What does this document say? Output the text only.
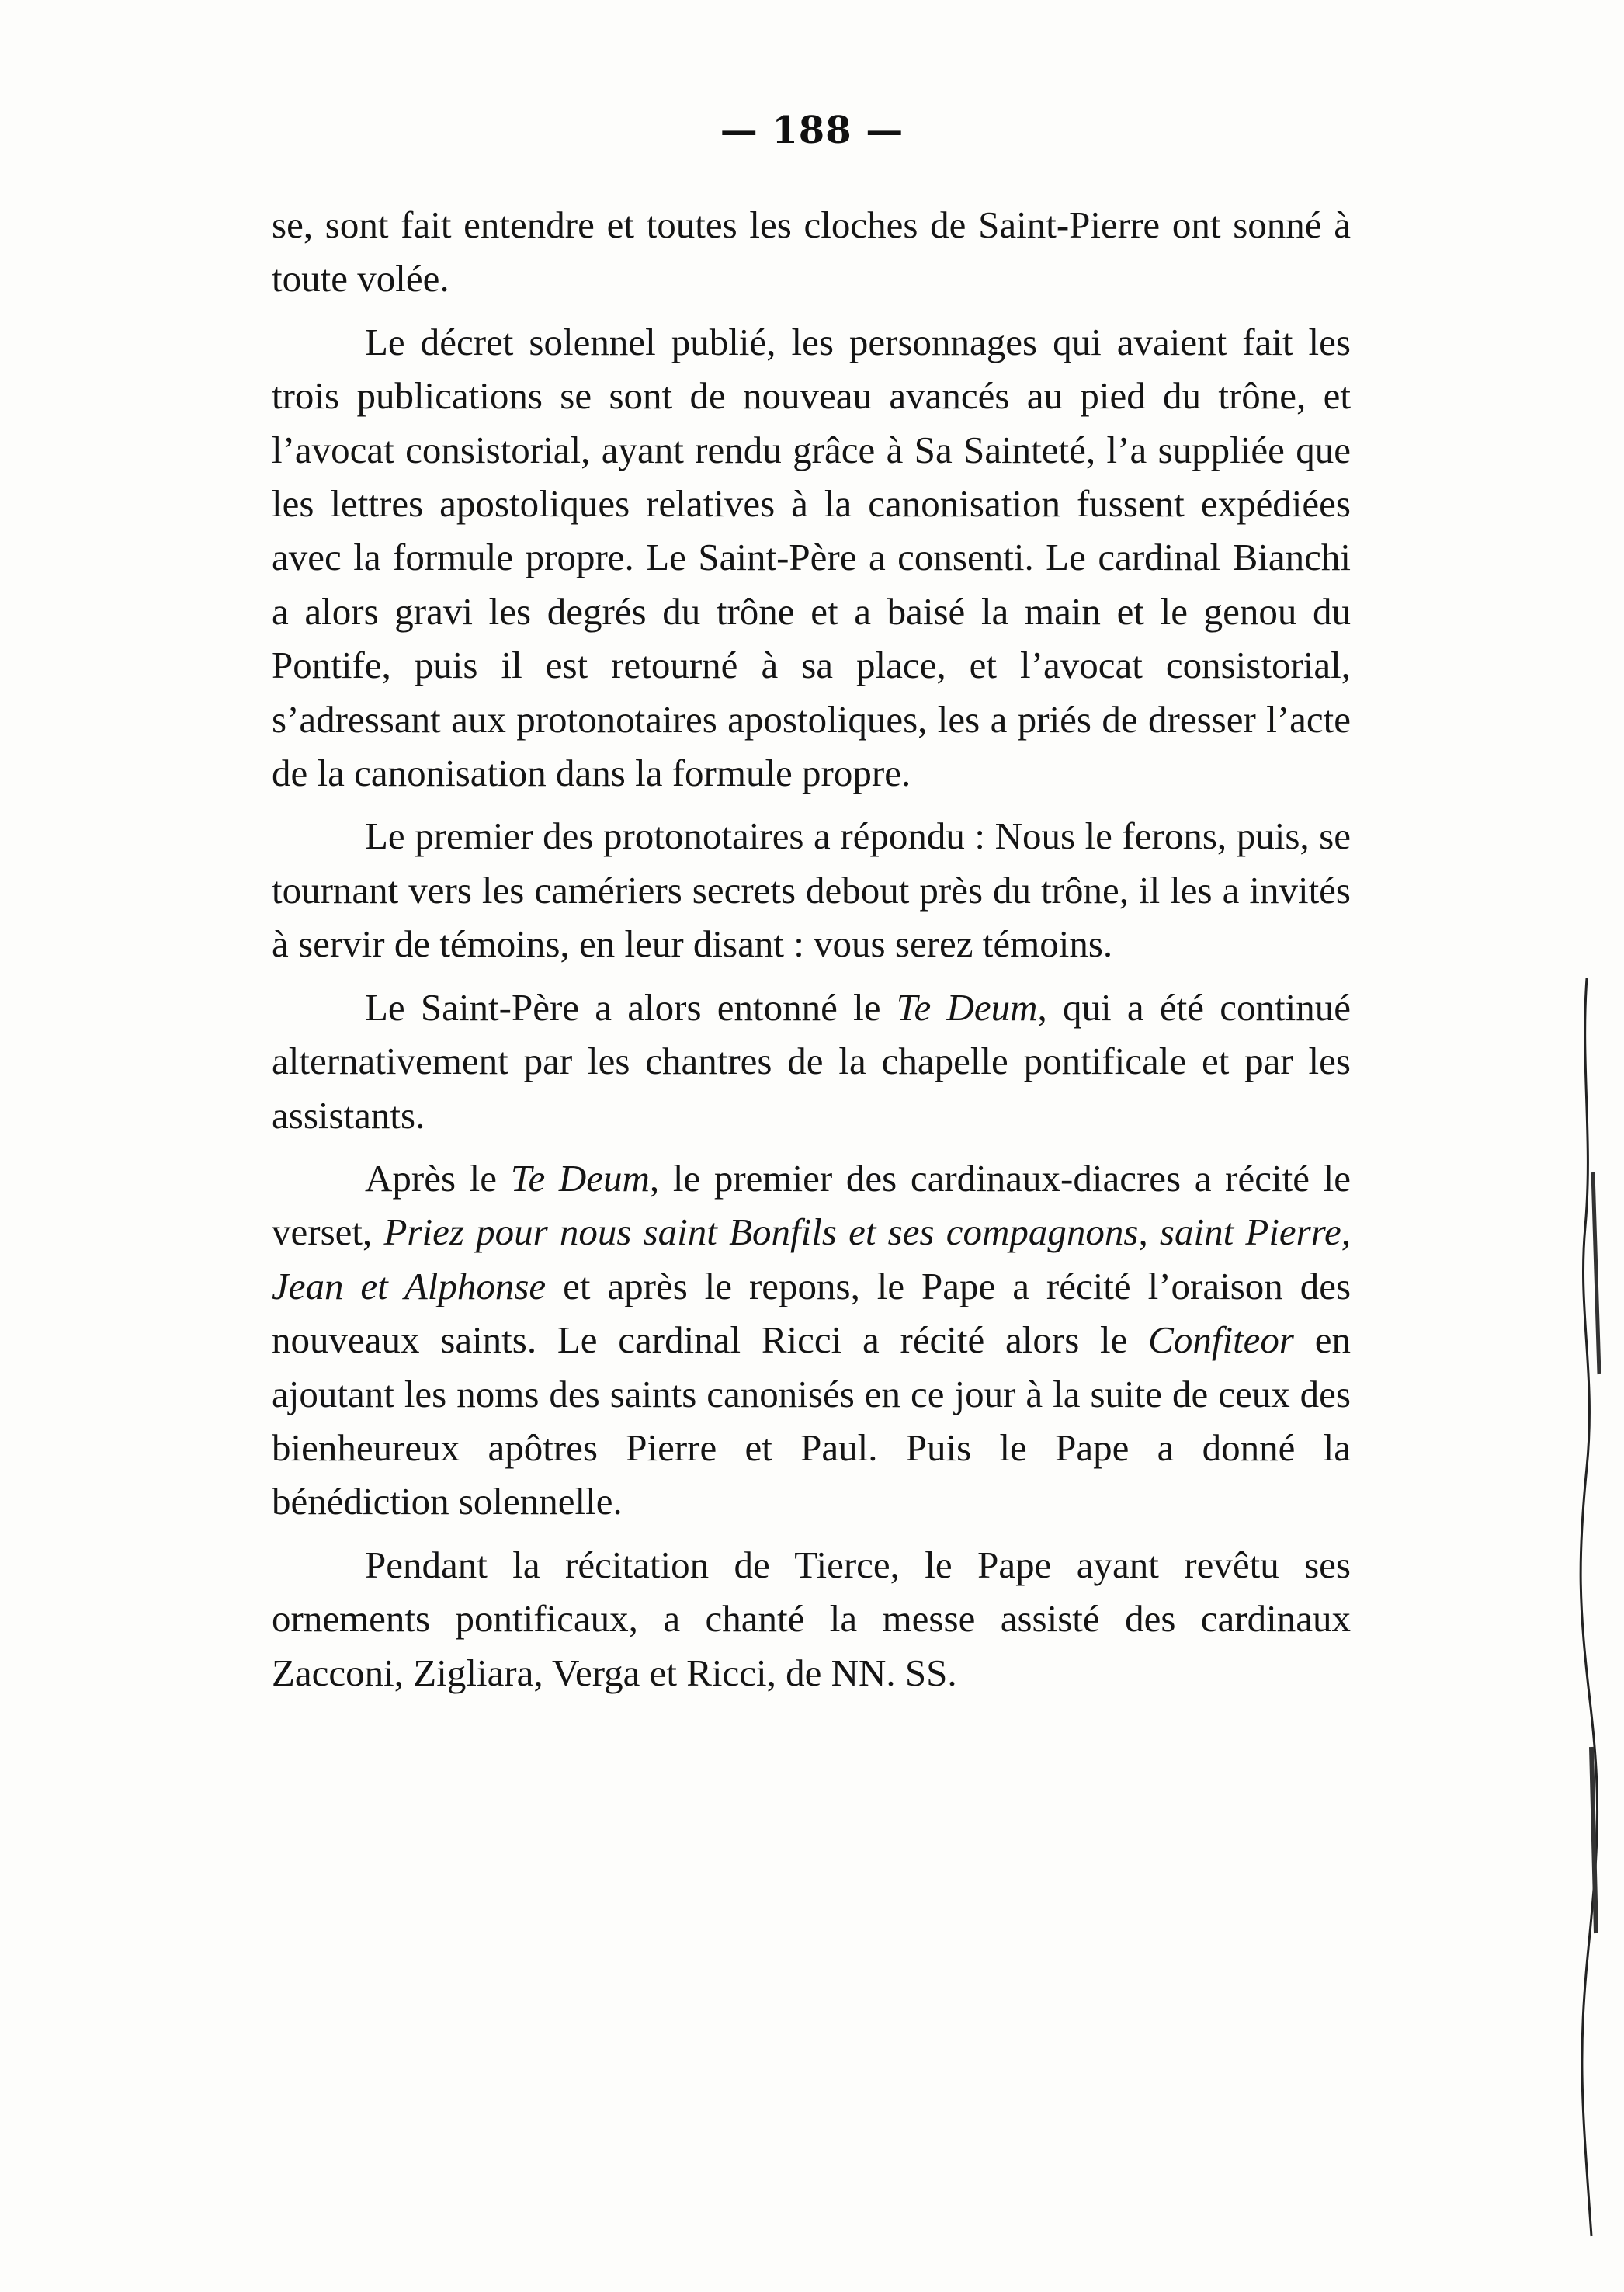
— 188 —

se, sont fait entendre et toutes les cloches de Saint-Pierre ont sonné à toute volée.

Le décret solennel publié, les personnages qui avaient fait les trois publications se sont de nouveau avancés au pied du trône, et l’avocat consistorial, ayant rendu grâce à Sa Sainteté, l’a suppliée que les lettres apostoliques relatives à la canonisation fussent expédiées avec la formule propre. Le Saint-Père a consenti. Le cardinal Bianchi a alors gravi les degrés du trône et a baisé la main et le genou du Pontife, puis il est retourné à sa place, et l’avocat consistorial, s’adressant aux protonotaires apostoliques, les a priés de dresser l’acte de la canonisation dans la formule propre.

Le premier des protonotaires a répondu : Nous le ferons, puis, se tournant vers les camériers secrets debout près du trône, il les a invités à servir de témoins, en leur disant : vous serez témoins.

Le Saint-Père a alors entonné le Te Deum, qui a été continué alternativement par les chantres de la chapelle pontificale et par les assistants.

Après le Te Deum, le premier des cardinaux-diacres a récité le verset, Priez pour nous saint Bonfils et ses compagnons, saint Pierre, Jean et Alphonse et après le repons, le Pape a récité l’oraison des nouveaux saints. Le cardinal Ricci a récité alors le Confiteor en ajoutant les noms des saints canonisés en ce jour à la suite de ceux des bienheureux apôtres Pierre et Paul. Puis le Pape a donné la bénédiction solennelle.

Pendant la récitation de Tierce, le Pape ayant revêtu ses ornements pontificaux, a chanté la messe assisté des cardinaux Zacconi, Zigliara, Verga et Ricci, de NN. SS.
